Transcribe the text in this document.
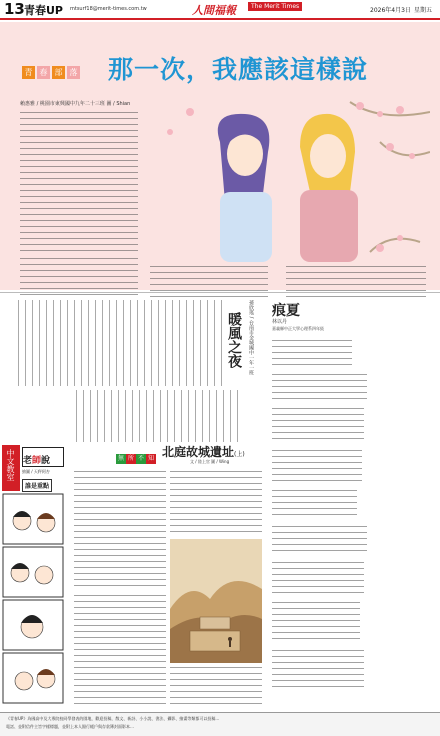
13 青春UP mtsurf18@merit-times.com.tw	人間福報	The Merit Times
2026年4月3日 星期五
青 春 部 落 那一次，我應該這樣說
賴惠雅 / 桃園市東興國中九年二十三班 圖 / Shian
暖風之夜	孫欣瑤 / 台南市金城國中一年一班 痕夏
林以丹
嘉義縣中正大學心理系四年級
中文教室 老師說
繪圖 / 天秤阿杏
誰是重點
無 所 不 知 北庭故城遺址(上)
文 / 陸上官 圖 / Wing
《青春UP》為國高中及大專院校同學發表的園地，歡迎投稿，散文、新詩、小小說、書法、攝影、繪畫等類都可以投稿…
電話、並附信件主旨字樣標題，並附上本人銀行帳戶與存款簿封面影本…
